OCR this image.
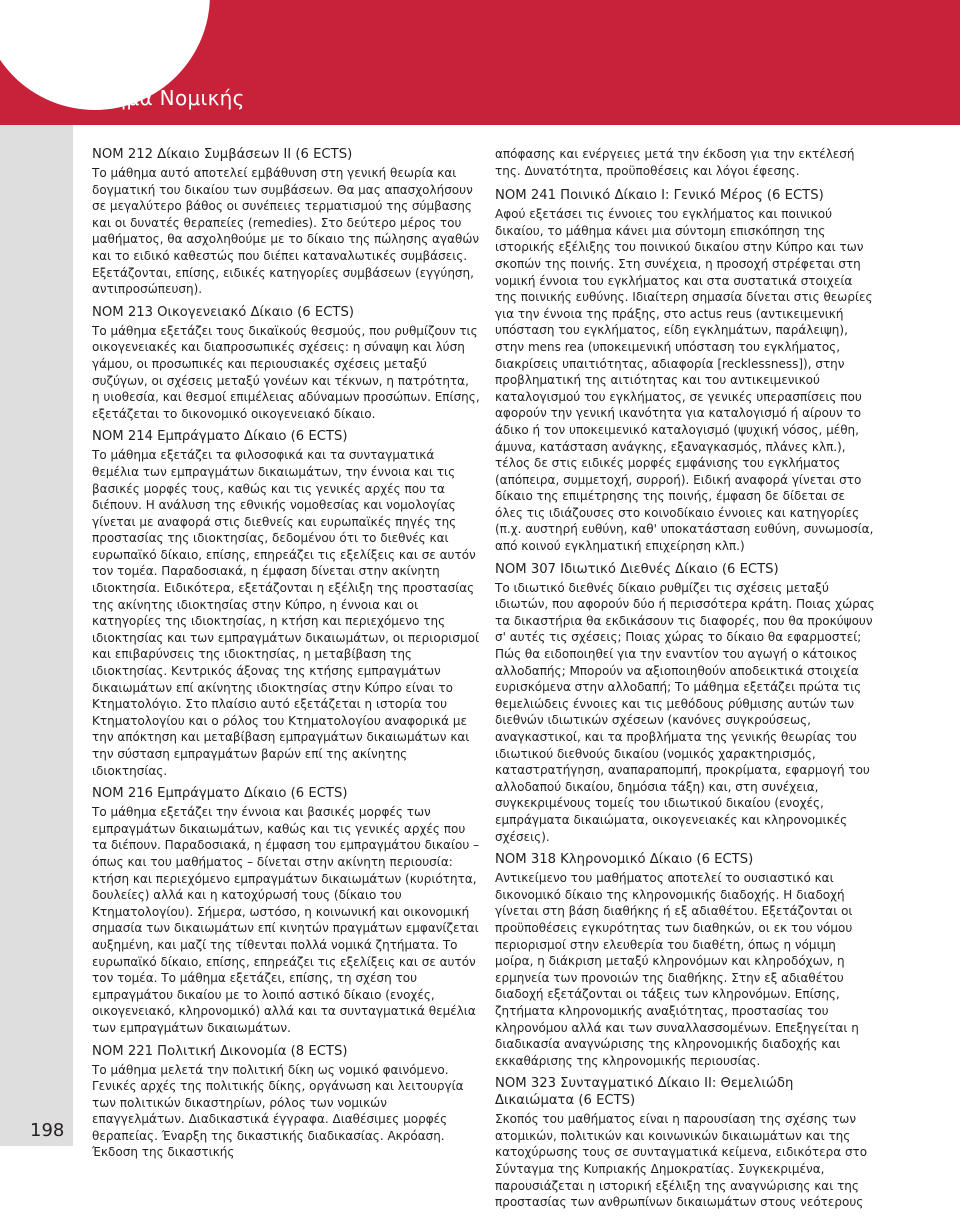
Τμήμα Νομικής
198
ΝΟΜ 212 Δίκαιο Συμβάσεων ΙΙ (6 ECTS)

Το μάθημα αυτό αποτελεί εμβάθυνση στη γενική θεωρία και δογματική του δικαίου των συμβάσεων. Θα μας απασχολήσουν σε μεγαλύτερο βάθος οι συνέπειες τερματισμού της σύμβασης και οι δυνατές θεραπείες (remedies). Στο δεύτερο μέρος του μαθήματος, θα ασχοληθούμε με το δίκαιο της πώλησης αγαθών και το ειδικό καθεστώς που διέπει καταναλωτικές συμβάσεις. Εξετάζονται, επίσης, ειδικές κατηγορίες συμβάσεων (εγγύηση, αντιπροσώπευση).

ΝΟΜ 213 Οικογενειακό Δίκαιο (6 ECTS)

Το μάθημα εξετάζει τους δικαϊκούς θεσμούς, που ρυθμίζουν τις οικογενειακές και διαπροσωπικές σχέσεις: η σύναψη και λύση γάμου, οι προσωπικές και περιουσιακές σχέσεις μεταξύ συζύγων, οι σχέσεις μεταξύ γονέων και τέκνων, η πατρότητα, η υιοθεσία, και θεσμοί επιμέλειας αδύναμων προσώπων. Επίσης, εξετάζεται το δικονομικό οικογενειακό δίκαιο.

ΝΟΜ 214 Εμπράγματο Δίκαιο (6 ECTS)

Το μάθημα εξετάζει τα φιλοσοφικά και τα συνταγματικά θεμέλια των εμπραγμάτων δικαιωμάτων, την έννοια και τις βασικές μορφές τους, καθώς και τις γενικές αρχές που τα διέπουν. Η ανάλυση της εθνικής νομοθεσίας και νομολογίας γίνεται με αναφορά στις διεθνείς και ευρωπαϊκές πηγές της προστασίας της ιδιοκτησίας, δεδομένου ότι το διεθνές και ευρωπαϊκό δίκαιο, επίσης, επηρεάζει τις εξελίξεις και σε αυτόν τον τομέα. Παραδοσιακά, η έμφαση δίνεται στην ακίνητη ιδιοκτησία. Ειδικότερα, εξετάζονται η εξέλιξη της προστασίας της ακίνητης ιδιοκτησίας στην Κύπρο, η έννοια και οι κατηγορίες της ιδιοκτησίας, η κτήση και περιεχόμενο της ιδιοκτησίας και των εμπραγμάτων δικαιωμάτων, οι περιορισμοί και επιβαρύνσεις της ιδιοκτησίας, η μεταβίβαση της ιδιοκτησίας. Κεντρικός άξονας της κτήσης εμπραγμάτων δικαιωμάτων επί ακίνητης ιδιοκτησίας στην Κύπρο είναι το Κτηματολόγιο. Στο πλαίσιο αυτό εξετάζεται η ιστορία του Κτηματολογίου και ο ρόλος του Κτηματολογίου αναφορικά με την απόκτηση και μεταβίβαση εμπραγμάτων δικαιωμάτων και την σύσταση εμπραγμάτων βαρών επί της ακίνητης ιδιοκτησίας.

ΝΟΜ 216 Εμπράγματο Δίκαιο (6 ECTS)

Το μάθημα εξετάζει την έννοια και βασικές μορφές των εμπραγμάτων δικαιωμάτων, καθώς και τις γενικές αρχές που τα διέπουν. Παραδοσιακά, η έμφαση του εμπραγμάτου δικαίου – όπως και του μαθήματος – δίνεται στην ακίνητη περιουσία: κτήση και περιεχόμενο εμπραγμάτων δικαιωμάτων (κυριότητα, δουλείες) αλλά και η κατοχύρωσή τους (δίκαιο του Κτηματολογίου). Σήμερα, ωστόσο, η κοινωνική και οικονομική σημασία των δικαιωμάτων επί κινητών πραγμάτων εμφανίζεται αυξημένη, και μαζί της τίθενται πολλά νομικά ζητήματα. Το ευρωπαϊκό δίκαιο, επίσης, επηρεάζει τις εξελίξεις και σε αυτόν τον τομέα. Το μάθημα εξετάζει, επίσης, τη σχέση του εμπραγμάτου δικαίου με το λοιπό αστικό δίκαιο (ενοχές, οικογενειακό, κληρονομικό) αλλά και τα συνταγματικά θεμέλια των εμπραγμάτων δικαιωμάτων.

ΝΟΜ 221 Πολιτική Δικονομία (8 ECTS)

Το μάθημα μελετά την πολιτική δίκη ως νομικό φαινόμενο. Γενικές αρχές της πολιτικής δίκης, οργάνωση και λειτουργία των πολιτικών δικαστηρίων, ρόλος των νομικών επαγγελμάτων. Διαδικαστικά έγγραφα. Διαθέσιμες μορφές θεραπείας. Έναρξη της δικαστικής διαδικασίας. Ακρόαση. Έκδοση της δικαστικής

απόφασης και ενέργειες μετά την έκδοση για την εκτέλεσή της. Δυνατότητα, προϋποθέσεις και λόγοι έφεσης.

ΝΟΜ 241 Ποινικό Δίκαιο Ι: Γενικό Μέρος (6 ECTS)

Αφού εξετάσει τις έννοιες του εγκλήματος και ποινικού δικαίου, το μάθημα κάνει μια σύντομη επισκόπηση της ιστορικής εξέλιξης του ποινικού δικαίου στην Κύπρο και των σκοπών της ποινής. Στη συνέχεια, η προσοχή στρέφεται στη νομική έννοια του εγκλήματος και στα συστατικά στοιχεία της ποινικής ευθύνης. Ιδιαίτερη σημασία δίνεται στις θεωρίες για την έννοια της πράξης, στο actus reus (αντικειμενική υπόσταση του εγκλήματος, είδη εγκλημάτων, παράλειψη), στην mens rea (υποκειμενική υπόσταση του εγκλήματος, διακρίσεις υπαιτιότητας, αδιαφορία [recklessness]), στην προβληματική της αιτιότητας και του αντικειμενικού καταλογισμού του εγκλήματος, σε γενικές υπερασπίσεις που αφορούν την γενική ικανότητα για καταλογισμό ή αίρουν το άδικο ή τον υποκειμενικό καταλογισμό (ψυχική νόσος, μέθη, άμυνα, κατάσταση ανάγκης, εξαναγκασμός, πλάνες κλπ.), τέλος δε στις ειδικές μορφές εμφάνισης του εγκλήματος (απόπειρα, συμμετοχή, συρροή). Ειδική αναφορά γίνεται στο δίκαιο της επιμέτρησης της ποινής, έμφαση δε δίδεται σε όλες τις ιδιάζουσες στο κοινοδίκαιο έννοιες και κατηγορίες (π.χ. αυστηρή ευθύνη, καθ' υποκατάσταση ευθύνη, συνωμοσία, από κοινού εγκληματική επιχείρηση κλπ.)

ΝΟΜ 307 Ιδιωτικό Διεθνές Δίκαιο (6 ECTS)

Το ιδιωτικό διεθνές δίκαιο ρυθμίζει τις σχέσεις μεταξύ ιδιωτών, που αφορούν δύο ή περισσότερα κράτη. Ποιας χώρας τα δικαστήρια θα εκδικάσουν τις διαφορές, που θα προκύψουν σ' αυτές τις σχέσεις; Ποιας χώρας το δίκαιο θα εφαρμοστεί; Πώς θα ειδοποιηθεί για την εναντίον του αγωγή ο κάτοικος αλλοδαπής; Μπορούν να αξιοποιηθούν αποδεικτικά στοιχεία ευρισκόμενα στην αλλοδαπή; Το μάθημα εξετάζει πρώτα τις θεμελιώδεις έννοιες και τις μεθόδους ρύθμισης αυτών των διεθνών ιδιωτικών σχέσεων (κανόνες συγκρούσεως, αναγκαστικοί, και τα προβλήματα της γενικής θεωρίας του ιδιωτικού διεθνούς δικαίου (νομικός χαρακτηρισμός, καταστρατήγηση, αναπαραπομπή, προκρίματα, εφαρμογή του αλλοδαπού δικαίου, δημόσια τάξη) και, στη συνέχεια, συγκεκριμένους τομείς του ιδιωτικού δικαίου (ενοχές, εμπράγματα δικαιώματα, οικογενειακές και κληρονομικές σχέσεις).

ΝΟΜ 318 Κληρονομικό Δίκαιο (6 ECTS)

Αντικείμενο του μαθήματος αποτελεί το ουσιαστικό και δικονομικό δίκαιο της κληρονομικής διαδοχής. Η διαδοχή γίνεται στη βάση διαθήκης ή εξ αδιαθέτου. Εξετάζονται οι προϋποθέσεις εγκυρότητας των διαθηκών, οι εκ του νόμου περιορισμοί στην ελευθερία του διαθέτη, όπως η νόμιμη μοίρα, η διάκριση μεταξύ κληρονόμων και κληροδόχων, η ερμηνεία των προνοιών της διαθήκης. Στην εξ αδιαθέτου διαδοχή εξετάζονται οι τάξεις των κληρονόμων. Επίσης, ζητήματα κληρονομικής αναξιότητας, προστασίας του κληρονόμου αλλά και των συναλλασσομένων. Επεξηγείται η διαδικασία αναγνώρισης της κληρονομικής διαδοχής και εκκαθάρισης της κληρονομικής περιουσίας.

ΝΟΜ 323 Συνταγματικό Δίκαιο ΙΙ: Θεμελιώδη Δικαιώματα (6 ECTS)

Σκοπός του μαθήματος είναι η παρουσίαση της σχέσης των ατομικών, πολιτικών και κοινωνικών δικαιωμάτων και της κατοχύρωσης τους σε συνταγματικά κείμενα, ειδικότερα στο Σύνταγμα της Κυπριακής Δημοκρατίας. Συγκεκριμένα, παρουσιάζεται η ιστορική εξέλιξη της αναγνώρισης και της προστασίας των ανθρωπίνων δικαιωμάτων στους νεότερους
